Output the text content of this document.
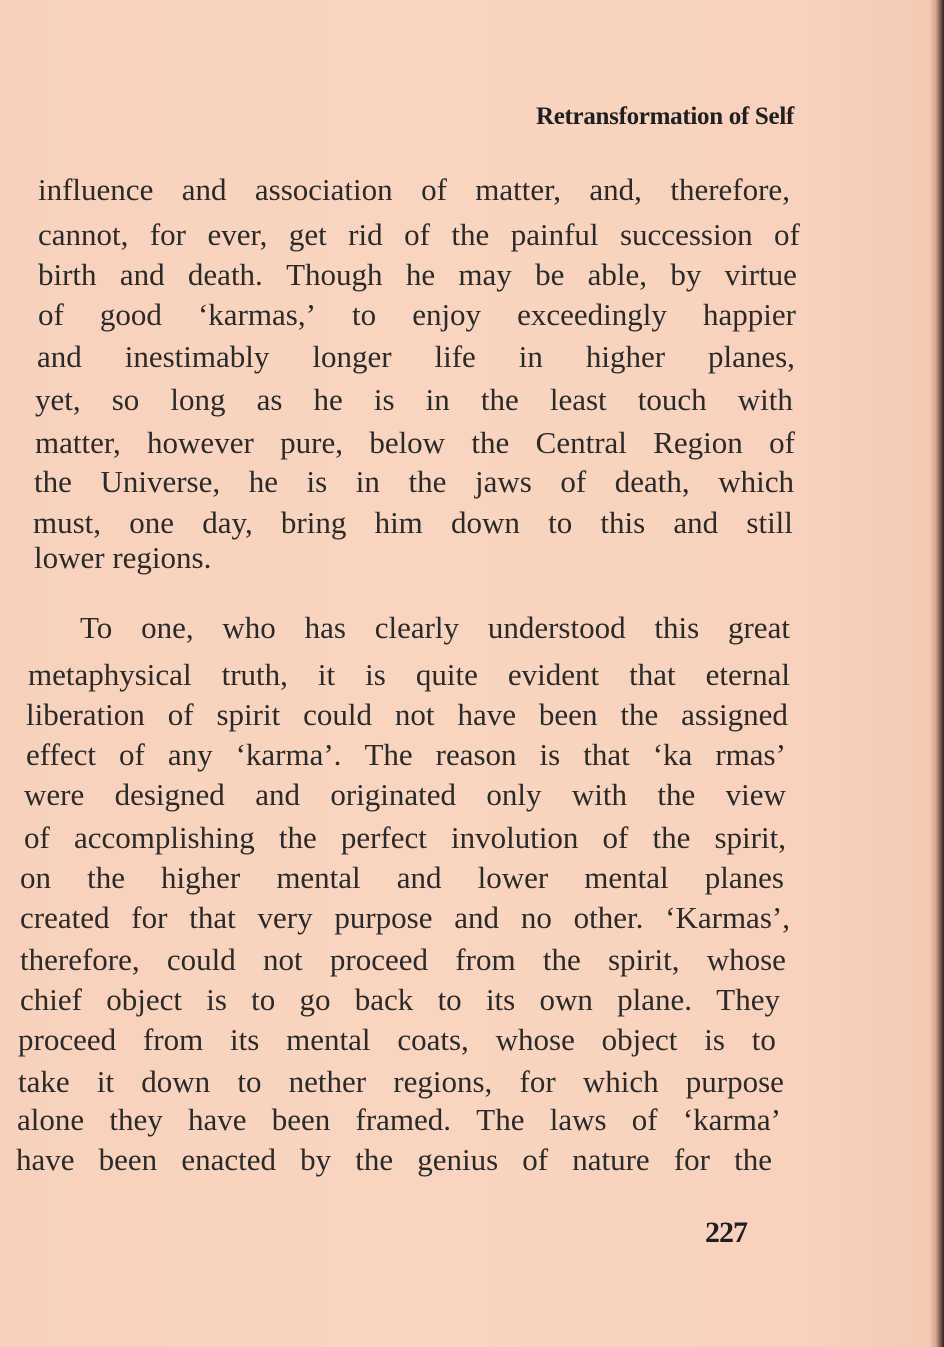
Retransformation of Self
influence and association of matter, and, therefore,
cannot, for ever, get rid of the painful succession of
birth and death. Though he may be able, by virtue
of good ‘karmas,’ to enjoy exceedingly happier
and inestimably longer life in higher planes,
yet, so long as he is in the least touch with
matter, however pure, below the Central Region of
the Universe, he is in the jaws of death, which
must, one day, bring him down to this and still
lower regions.
To one, who has clearly understood this great
metaphysical truth, it is quite evident that eternal
liberation of spirit could not have been the assigned
effect of any ‘karma’. The reason is that ‘ka rmas’
were designed and originated only with the view
of accomplishing the perfect involution of the spirit,
on the higher mental and lower mental planes
created for that very purpose and no other. ‘Karmas’,
therefore, could not proceed from the spirit, whose
chief object is to go back to its own plane. They
proceed from its mental coats, whose object is to
take it down to nether regions, for which purpose
alone they have been framed. The laws of ‘karma’
have been enacted by the genius of nature for the
227
